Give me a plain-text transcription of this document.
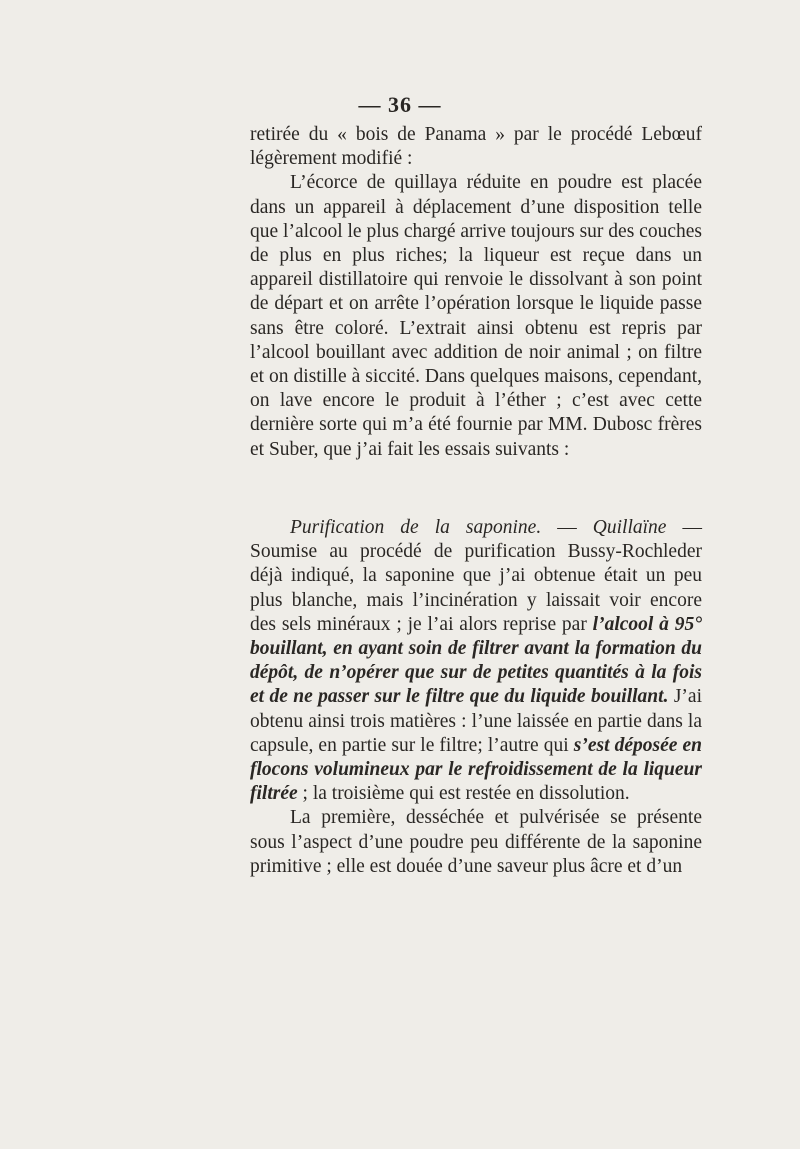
— 36 —

retirée du « bois de Panama » par le procédé Lebœuf légèrement modifié :

L’écorce de quillaya réduite en poudre est placée dans un appareil à déplacement d’une disposition telle que l’alcool le plus chargé arrive toujours sur des couches de plus en plus riches; la liqueur est reçue dans un appareil distillatoire qui renvoie le dissolvant à son point de départ et on arrête l’opération lorsque le liquide passe sans être coloré. L’extrait ainsi obtenu est repris par l’alcool bouillant avec addition de noir animal ; on filtre et on distille à siccité. Dans quelques maisons, cependant, on lave encore le produit à l’éther ; c’est avec cette dernière sorte qui m’a été fournie par MM. Dubosc frères et Suber, que j’ai fait les essais suivants :

Purification de la saponine. — Quillaïne — Soumise au procédé de purification Bussy-Rochleder déjà indiqué, la saponine que j’ai obtenue était un peu plus blanche, mais l’incinération y laissait voir encore des sels minéraux ; je l’ai alors reprise par l’alcool à 95° bouillant, en ayant soin de filtrer avant la formation du dépôt, de n’opérer que sur de petites quantités à la fois et de ne passer sur le filtre que du liquide bouillant. J’ai obtenu ainsi trois matières : l’une laissée en partie dans la capsule, en partie sur le filtre; l’autre qui s’est déposée en flocons volumineux par le refroidissement de la liqueur filtrée ; la troisième qui est restée en dissolution.

La première, desséchée et pulvérisée se présente sous l’aspect d’une poudre peu différente de la saponine primitive ; elle est douée d’une saveur plus âcre et d’un
